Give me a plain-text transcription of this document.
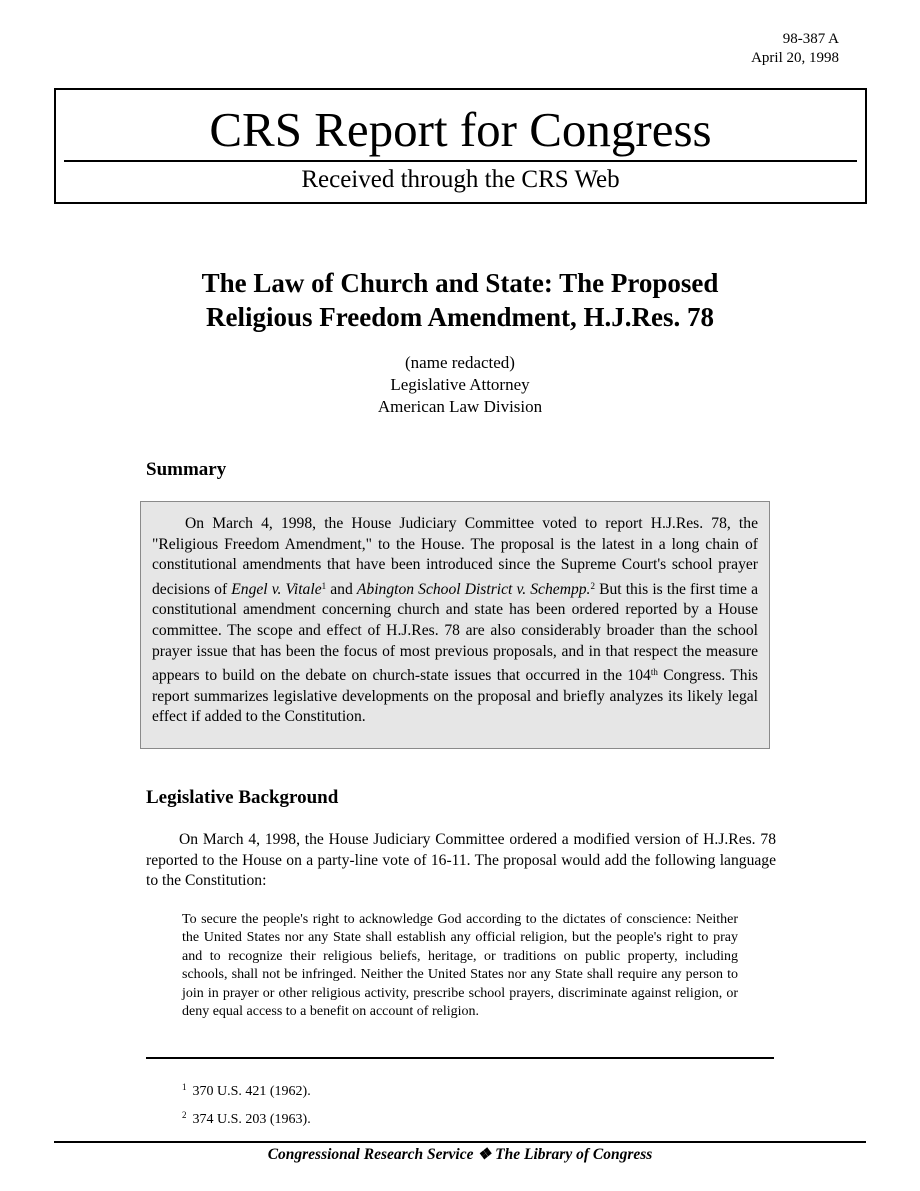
98-387 A
April 20, 1998
CRS Report for Congress
Received through the CRS Web
The Law of Church and State: The Proposed
Religious Freedom Amendment, H.J.Res. 78
(name redacted)
Legislative Attorney
American Law Division
Summary
On March 4, 1998, the House Judiciary Committee voted to report H.J.Res. 78, the "Religious Freedom Amendment," to the House. The proposal is the latest in a long chain of constitutional amendments that have been introduced since the Supreme Court's school prayer decisions of Engel v. Vitale$^1$ and Abington School District v. Schempp.$^2$ But this is the first time a constitutional amendment concerning church and state has been ordered reported by a House committee. The scope and effect of H.J.Res. 78 are also considerably broader than the school prayer issue that has been the focus of most previous proposals, and in that respect the measure appears to build on the debate on church-state issues that occurred in the 104th Congress. This report summarizes legislative developments on the proposal and briefly analyzes its likely legal effect if added to the Constitution.
Legislative Background
On March 4, 1998, the House Judiciary Committee ordered a modified version of H.J.Res. 78 reported to the House on a party-line vote of 16-11. The proposal would add the following language to the Constitution:
To secure the people's right to acknowledge God according to the dictates of conscience: Neither the United States nor any State shall establish any official religion, but the people's right to pray and to recognize their religious beliefs, heritage, or traditions on public property, including schools, shall not be infringed. Neither the United States nor any State shall require any person to join in prayer or other religious activity, prescribe school prayers, discriminate against religion, or deny equal access to a benefit on account of religion.
$^1$ 370 U.S. 421 (1962).
$^2$ 374 U.S. 203 (1963).
Congressional Research Service ❖ The Library of Congress
